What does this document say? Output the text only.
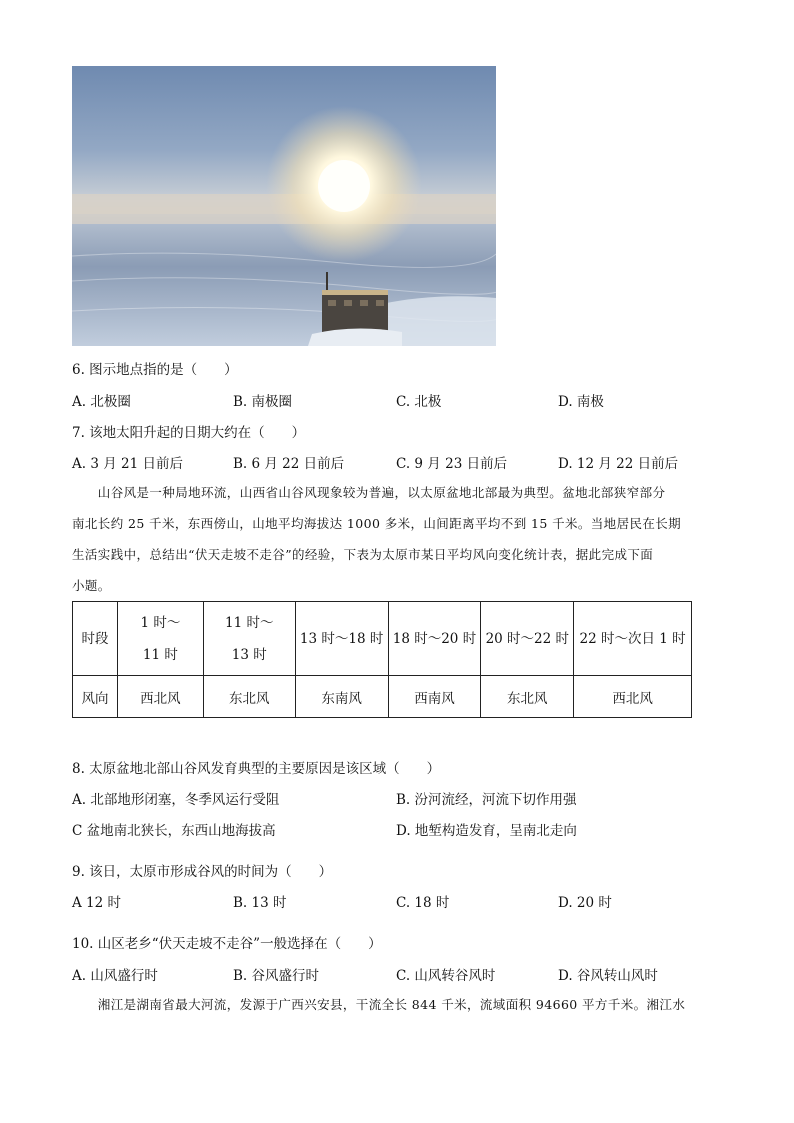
6. 图示地点指的是（　　）
A. 北极圈	B. 南极圈	C. 北极	D. 南极
7. 该地太阳升起的日期大约在（　　）
A. 3 月 21 日前后	B. 6 月 22 日前后	C. 9 月 23 日前后	D. 12 月 22 日前后

　　山谷风是一种局地环流，山西省山谷风现象较为普遍，以太原盆地北部最为典型。盆地北部狭窄部分

南北长约 25 千米，东西傍山，山地平均海拔达 1000 多米，山间距离平均不到 15 千米。当地居民在长期

生活实践中，总结出“伏天走坡不走谷”的经验，下表为太原市某日平均风向变化统计表，据此完成下面

小题。

时段	1 时～11 时	11 时～13 时	13 时～18 时	18 时～20 时	20 时～22 时	22 时～次日 1 时
风向	西北风	东北风	东南风	西南风	东北风	西北风
8. 太原盆地北部山谷风发育典型的主要原因是该区域（　　）
A. 北部地形闭塞，冬季风运行受阻	B. 汾河流经，河流下切作用强
C 盆地南北狭长，东西山地海拔高	D. 地堑构造发育，呈南北走向
9. 该日，太原市形成谷风的时间为（　　）
A 12 时	B. 13 时	C. 18 时	D. 20 时
10. 山区老乡“伏天走坡不走谷”一般选择在（　　）
A. 山风盛行时	B. 谷风盛行时	C. 山风转谷风时	D. 谷风转山风时

　　湘江是湖南省最大河流，发源于广西兴安县，干流全长 844 千米，流域面积 94660 平方千米。湘江水
